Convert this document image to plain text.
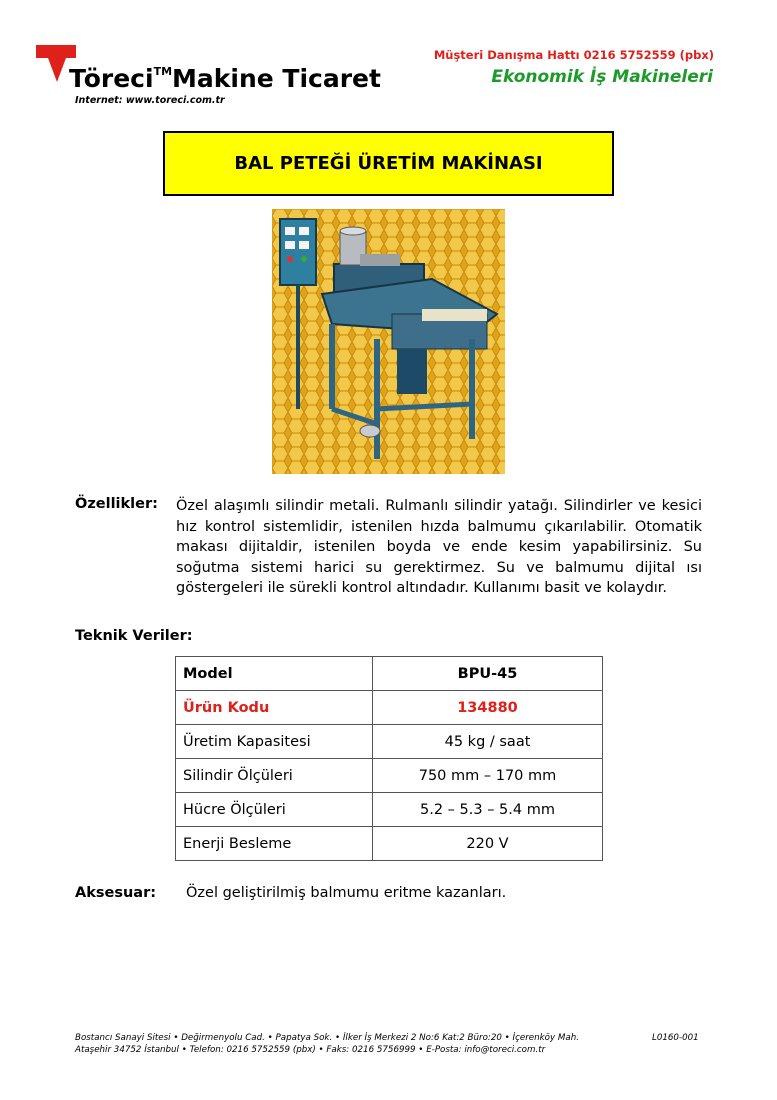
Töreci™Makine Ticaret
Internet: www.toreci.com.tr
Müşteri Danışma Hattı 0216 5752559 (pbx)
Ekonomik İş Makineleri
BAL PETEĞİ ÜRETİM MAKİNASI
Özellikler: Özel alaşımlı silindir metali. Rulmanlı silindir yatağı. Silindirler ve kesici hız kontrol sistemlidir, istenilen hızda balmumu çıkarılabilir. Otomatik makası dijitaldir, istenilen boyda ve ende kesim yapabilirsiniz. Su soğutma sistemi harici su gerektirmez. Su ve balmumu dijital ısı göstergeleri ile sürekli kontrol altındadır. Kullanımı basit ve kolaydır.
Teknik Veriler:
Model	BPU-45
Ürün Kodu	134880
Üretim Kapasitesi	45 kg / saat
Silindir Ölçüleri	750 mm – 170 mm
Hücre Ölçüleri	5.2 – 5.3 – 5.4 mm
Enerji Besleme	220 V
Aksesuar: Özel geliştirilmiş balmumu eritme kazanları.
Bostancı Sanayi Sitesi • Değirmenyolu Cad. • Papatya Sok. • İlker İş Merkezi 2 No:6 Kat:2 Büro:20 • İçerenköy Mah.
Ataşehir 34752 İstanbul • Telefon: 0216 5752559 (pbx) • Faks: 0216 5756999 • E-Posta: info@toreci.com.tr
L0160-001
